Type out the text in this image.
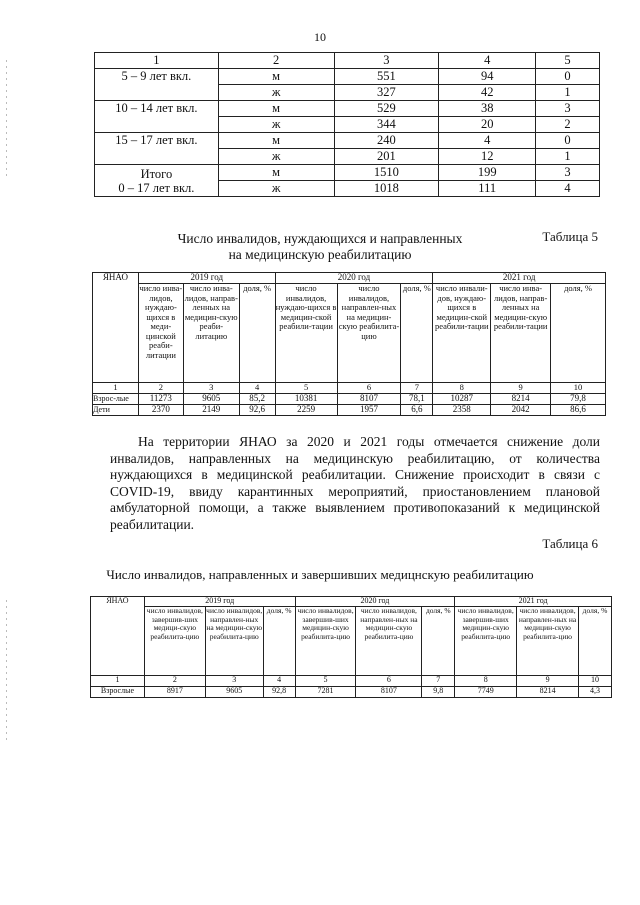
10
1	2	3	4	5
5 – 9 лет вкл.	м	551	94	0
	ж	327	42	1
10 – 14 лет вкл.	м	529	38	3
	ж	344	20	2
15 – 17 лет вкл.	м	240	4	0
	ж	201	12	1

Итого
0 – 17 лет вкл.	м	1510	199	3
	ж	1018	111	4
Таблица 5
Число инвалидов, нуждающихся и направленных
на медицинскую реабилитацию
ЯНАО	2019 год			2020 год			2021 год		
	число инва-лидов, нуждаю-щихся в меди-цинской реаби-литации	число инва-лидов, направ-ленных на медицин-скую реаби-литацию	доля, %	число инвалидов, нуждаю-щихся в медицин-ской реабили-тации	число инвалидов, направлен-ных на медицин-скую реабилита-цию	доля, %	число инвали-дов, нуждаю-щихся в медицин-ской реабили-тации	число инва-лидов, направ-ленных на медицин-скую реабили-тации	доля, %
1	2	3	4	5	6	7	8	9	10
Взрос-лые	11273	9605	85,2	10381	8107	78,1	10287	8214	79,8
Дети	2370	2149	92,6	2259	1957	6,6	2358	2042	86,6
На территории ЯНАО за 2020 и 2021 годы отмечается снижение доли инвалидов, направленных на медицинскую реабилитацию, от количества нуждающихся в медицинской реабилитации. Снижение происходит в связи с COVID-19, ввиду карантинных мероприятий, приостановлением плановой амбулаторной помощи, а также выявлением противопоказаний к медицинской реабилитации.
Таблица 6
Число инвалидов, направленных и завершивших медицнскую реабилитацию
ЯНАО	2019 год			2020 год			2021 год		
	число инвалидов, завершив-ших медици-скую реабилита-цию	число инвалидов, направлен-ных на медицин-скую реабилита-цию	доля, %	число инвалидов, завершив-ших медицин-скую реабилита-цию	число инвалидов, направлен-ных на медицин-скую реабилита-цию	доля, %	число инвалидов, завершив-ших медицин-скую реабилита-цию	число инвалидов, направлен-ных на медицин-скую реабилита-цию	доля, %
1	2	3	4	5	6	7	8	9	10
Взрослые	8917	9605	92,8	7281	8107	9,8	7749	8214	4,3
